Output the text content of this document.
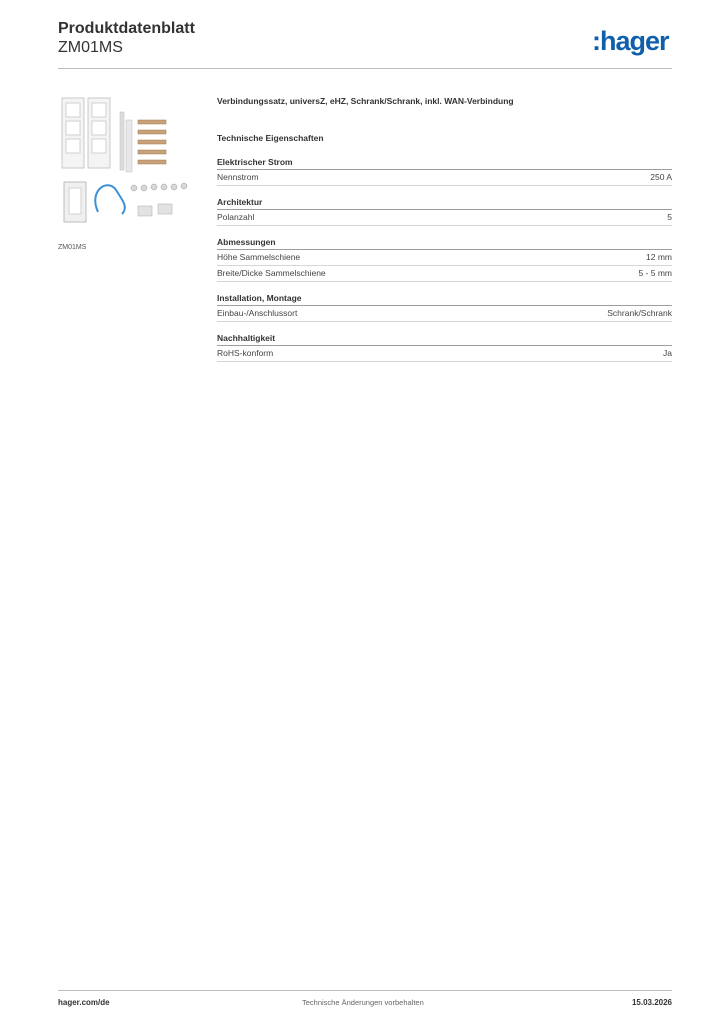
Produktdatenblatt
ZM01MS	:hager
ZM01MS
Verbindungssatz, universZ, eHZ, Schrank/Schrank, inkl. WAN-Verbindung
Technische Eigenschaften
Elektrischer Strom
Nennstrom	250 A
Architektur
Polanzahl	5
Abmessungen
Höhe Sammelschiene	12 mm
Breite/Dicke Sammelschiene	5 - 5 mm
Installation, Montage
Einbau-/Anschlussort	Schrank/Schrank
Nachhaltigkeit
RoHS-konform	Ja
hager.com/de	Technische Änderungen vorbehalten	15.03.2026
